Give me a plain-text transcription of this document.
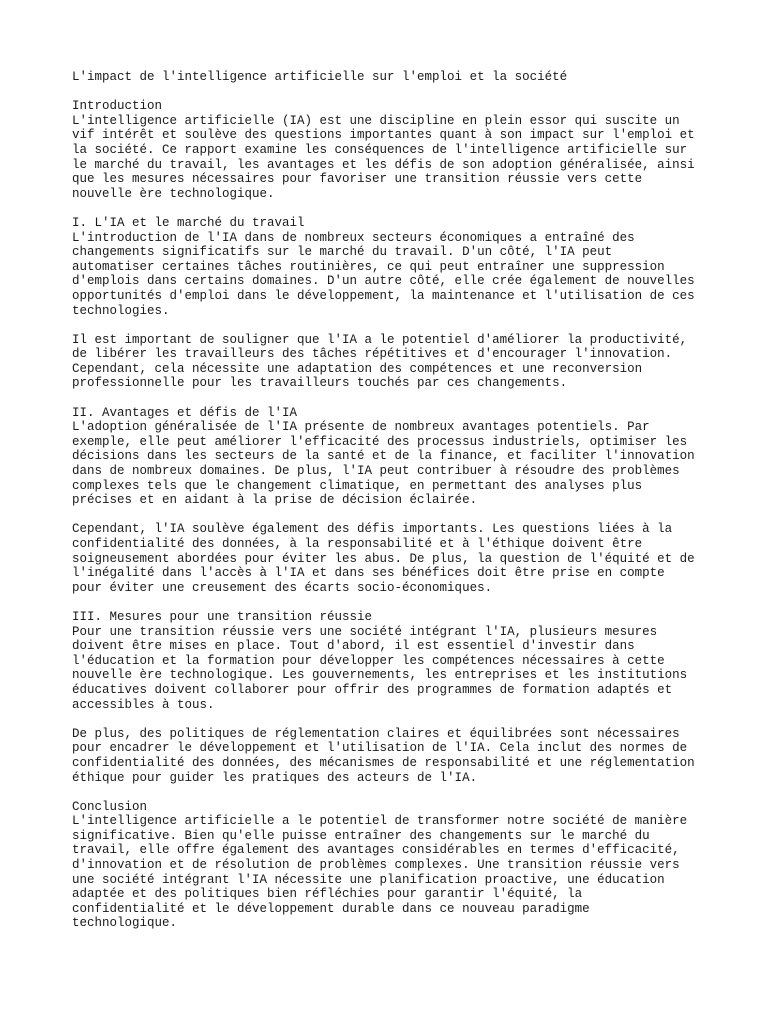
L'impact de l'intelligence artificielle sur l'emploi et la société
Introduction
L'intelligence artificielle (IA) est une discipline en plein essor qui suscite un
vif intérêt et soulève des questions importantes quant à son impact sur l'emploi et
la société. Ce rapport examine les conséquences de l'intelligence artificielle sur
le marché du travail, les avantages et les défis de son adoption généralisée, ainsi
que les mesures nécessaires pour favoriser une transition réussie vers cette
nouvelle ère technologique.
I. L'IA et le marché du travail
L'introduction de l'IA dans de nombreux secteurs économiques a entraîné des
changements significatifs sur le marché du travail. D'un côté, l'IA peut
automatiser certaines tâches routinières, ce qui peut entraîner une suppression
d'emplois dans certains domaines. D'un autre côté, elle crée également de nouvelles
opportunités d'emploi dans le développement, la maintenance et l'utilisation de ces
technologies.
Il est important de souligner que l'IA a le potentiel d'améliorer la productivité,
de libérer les travailleurs des tâches répétitives et d'encourager l'innovation.
Cependant, cela nécessite une adaptation des compétences et une reconversion
professionnelle pour les travailleurs touchés par ces changements.
II. Avantages et défis de l'IA
L'adoption généralisée de l'IA présente de nombreux avantages potentiels. Par
exemple, elle peut améliorer l'efficacité des processus industriels, optimiser les
décisions dans les secteurs de la santé et de la finance, et faciliter l'innovation
dans de nombreux domaines. De plus, l'IA peut contribuer à résoudre des problèmes
complexes tels que le changement climatique, en permettant des analyses plus
précises et en aidant à la prise de décision éclairée.
Cependant, l'IA soulève également des défis importants. Les questions liées à la
confidentialité des données, à la responsabilité et à l'éthique doivent être
soigneusement abordées pour éviter les abus. De plus, la question de l'équité et de
l'inégalité dans l'accès à l'IA et dans ses bénéfices doit être prise en compte
pour éviter une creusement des écarts socio-économiques.
III. Mesures pour une transition réussie
Pour une transition réussie vers une société intégrant l'IA, plusieurs mesures
doivent être mises en place. Tout d'abord, il est essentiel d'investir dans
l'éducation et la formation pour développer les compétences nécessaires à cette
nouvelle ère technologique. Les gouvernements, les entreprises et les institutions
éducatives doivent collaborer pour offrir des programmes de formation adaptés et
accessibles à tous.
De plus, des politiques de réglementation claires et équilibrées sont nécessaires
pour encadrer le développement et l'utilisation de l'IA. Cela inclut des normes de
confidentialité des données, des mécanismes de responsabilité et une réglementation
éthique pour guider les pratiques des acteurs de l'IA.
Conclusion
L'intelligence artificielle a le potentiel de transformer notre société de manière
significative. Bien qu'elle puisse entraîner des changements sur le marché du
travail, elle offre également des avantages considérables en termes d'efficacité,
d'innovation et de résolution de problèmes complexes. Une transition réussie vers
une société intégrant l'IA nécessite une planification proactive, une éducation
adaptée et des politiques bien réfléchies pour garantir l'équité, la
confidentialité et le développement durable dans ce nouveau paradigme
technologique.
